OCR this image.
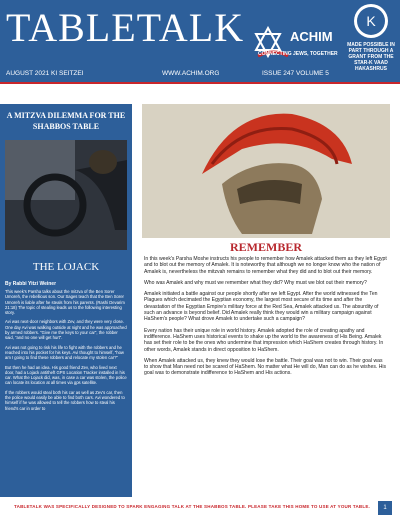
TABLETALK	ACHIM
CONNECTING JEWS, TOGETHER
K
MADE POSSIBLE IN PART THROUGH A GRANT FROM THE STAR-K VAAD HAKASHRUS
AUGUST 2021 KI SEITZEI	WWW.ACHIM.ORG	ISSUE 247 VOLUME 5
A MITZVA DILEMMA FOR THE SHABBOS TABLE
THE LOJACK
By Rabbi Yitzi Weiner

This week's Parsha talks about the mitzva of the Ben Sorer Umoreh, the rebellious son. Our Sages teach that the Ben Sorer Umoreh is liable after he steals from his parents. (Rashi Devarim 21:18) The topic of stealing leads us to the following interesting story.

Avi was next-door neighbors with Zev, and they were very close. One day Avi was walking outside at night and he was approached by armed robbers. "Give me the keys to your car", the robber said, "and no one will get hurt".

Avi was not going to risk his life to fight with the robbers and he reached into his pocket for his keys. Avi thought to himself, "how am I going to find these robbers and relocate my stolen car?"

But then he had an idea. His good friend Zev, who lived next door, had a Lojack antitheft GPS Location Tracker installed in his car. What the Lojack did, was, in case a car was stolen, the police can locate its location at all times via gps satellite.

If the robbers would steal both his car as well as Zev's car, then the police would easily be able to find both cars. Avi wondered to himself if he was allowed to tell the robbers how to steal his friend's car in order to

REMEMBER

In this week's Parsha Moshe instructs his people to remember how Amalek attacked them as they left Egypt and to blot out the memory of Amalek. It is noteworthy that although we no longer know who the nation of Amalek is, nevertheless the mitzvah remains to remember what they did and to blot out their memory.

Who was Amalek and why must we remember what they did? Why must we blot out their memory?

Amalek initiated a battle against our people shortly after we left Egypt. After the world witnessed the Ten Plagues which decimated the Egyptian economy, the largest most secure of its time and after the devastation of the Egyptian Empire's military force at the Red Sea, Amalek attacked us. The absurdity of such an advance is beyond belief. Did Amalek really think they would win a military campaign against HaShem's people? What drove Amalek to undertake such a campaign?

Every nation has their unique role in world history. Amalek adopted the role of creating apathy and indifference. HaShem uses historical events to shake up the world to the awareness of His Being. Amalek has set their role to be the ones who undermine that impression which HaShem creates through history. In other words, Amalek stands in direct opposition to HaShem.

When Amalek attacked us, they knew they would lose the battle. Their goal was not to win. Their goal was to show that Man need not be scared of HaShem. No matter what He will do, Man can do as he wishes. His goal was to demonstrate indifference to HaShem and His actions.

TABLETALK WAS SPECIFICALLY DESIGNED TO SPARK ENGAGING TALK AT THE SHABBOS TABLE. PLEASE TAKE THIS HOME TO USE AT YOUR TABLE.	1
